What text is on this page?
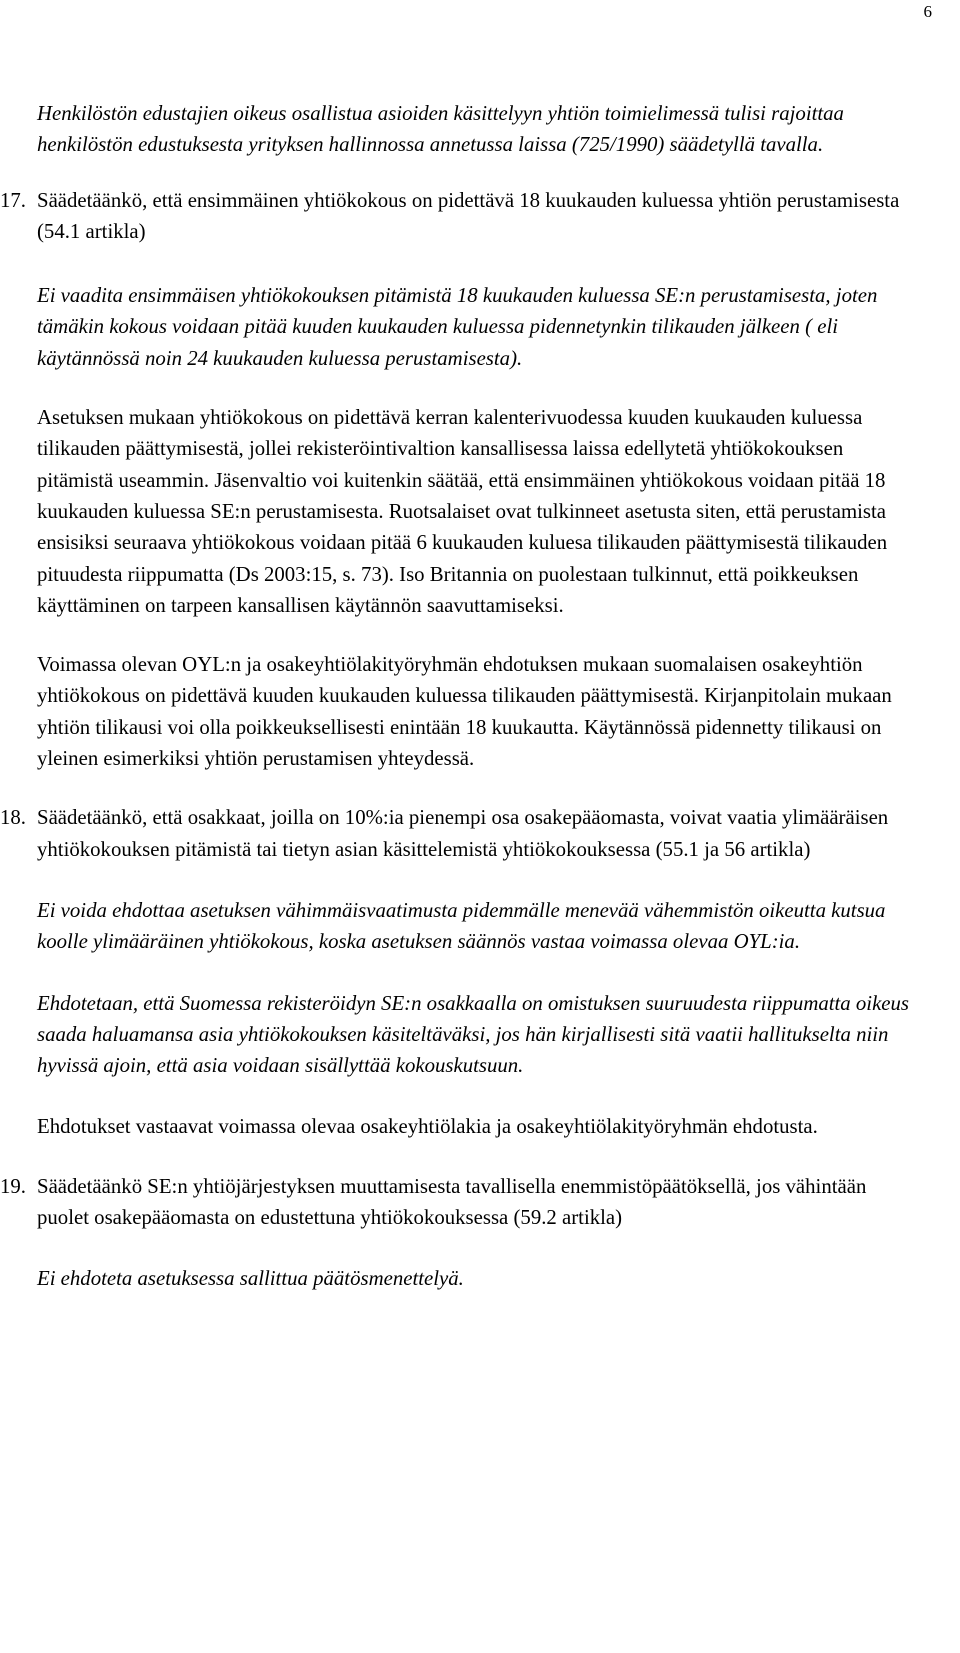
6

Henkilöstön edustajien oikeus osallistua asioiden käsittelyyn yhtiön toimielimessä tulisi rajoittaa henkilöstön edustuksesta yrityksen hallinnossa annetussa laissa (725/1990) säädetyllä tavalla.

17. Säädetäänkö, että ensimmäinen yhtiökokous on pidettävä 18 kuukauden kuluessa yhtiön perustamisesta (54.1 artikla)

Ei vaadita ensimmäisen yhtiökokouksen pitämistä 18 kuukauden kuluessa SE:n perustamisesta, joten tämäkin kokous voidaan pitää kuuden kuukauden kuluessa pidennetynkin tilikauden jälkeen ( eli käytännössä noin 24 kuukauden kuluessa perustamisesta).

Asetuksen mukaan yhtiökokous on pidettävä kerran kalenterivuodessa kuuden kuukauden kuluessa tilikauden päättymisestä, jollei rekisteröintivaltion kansallisessa laissa edellytetä yhtiökokouksen pitämistä useammin. Jäsenvaltio voi kuitenkin säätää, että ensimmäinen yhtiökokous voidaan pitää 18 kuukauden kuluessa SE:n perustamisesta. Ruotsalaiset ovat tulkinneet asetusta siten, että perustamista ensisiksi seuraava yhtiökokous voidaan pitää 6 kuukauden kuluesa tilikauden päättymisestä tilikauden pituudesta riippumatta (Ds 2003:15, s. 73). Iso Britannia on puolestaan tulkinnut, että poikkeuksen käyttäminen on tarpeen kansallisen käytännön saavuttamiseksi.

Voimassa olevan OYL:n ja osakeyhtiölakityöryhmän ehdotuksen mukaan suomalaisen osakeyhtiön yhtiökokous on pidettävä kuuden kuukauden kuluessa tilikauden päättymisestä. Kirjanpitolain mukaan yhtiön tilikausi voi olla poikkeuksellisesti enintään 18 kuukautta. Käytännössä pidennetty tilikausi on yleinen esimerkiksi yhtiön perustamisen yhteydessä.

18. Säädetäänkö, että osakkaat, joilla on 10%:ia pienempi osa osakepääomasta, voivat vaatia ylimääräisen yhtiökokouksen pitämistä tai tietyn asian käsittelemistä yhtiökokouksessa (55.1 ja 56 artikla)

Ei voida ehdottaa asetuksen vähimmäisvaatimusta pidemmälle menevää vähemmistön oikeutta kutsua koolle ylimääräinen yhtiökokous, koska asetuksen säännös vastaa voimassa olevaa OYL:ia.

Ehdotetaan, että Suomessa rekisteröidyn SE:n osakkaalla on omistuksen suuruudesta riippumatta oikeus saada haluamansa asia yhtiökokouksen käsiteltäväksi, jos hän kirjallisesti sitä vaatii hallitukselta niin hyvissä ajoin, että asia voidaan sisällyttää kokouskutsuun.

Ehdotukset vastaavat voimassa olevaa osakeyhtiölakia ja osakeyhtiölakityöryhmän ehdotusta.

19. Säädetäänkö SE:n yhtiöjärjestyksen muuttamisesta tavallisella enemmistöpäätöksellä, jos vähintään puolet osakepääomasta on edustettuna yhtiökokouksessa (59.2 artikla)

Ei ehdoteta asetuksessa sallittua päätösmenettelyä.
